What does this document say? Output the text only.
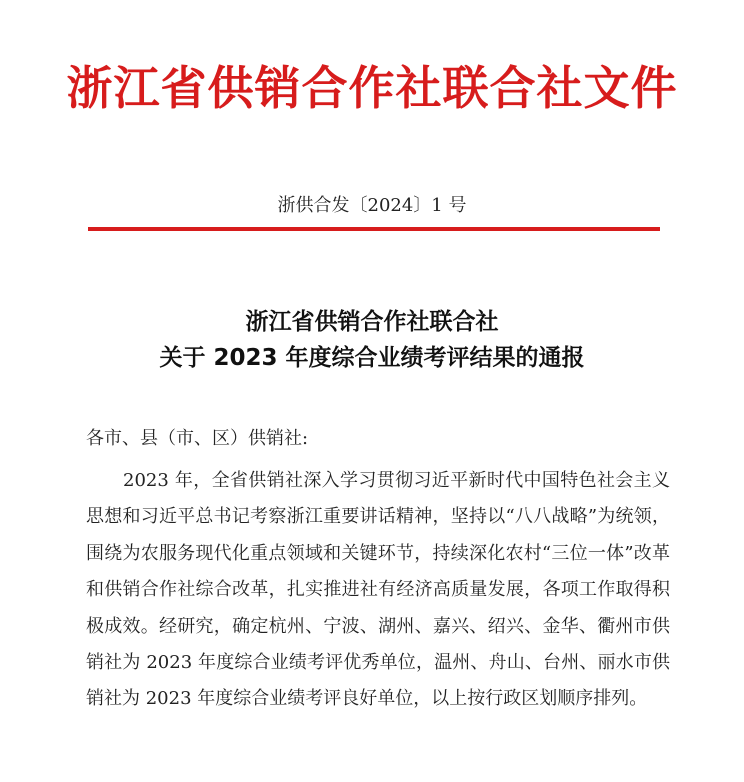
浙江省供销合作社联合社文件
浙供合发〔2024〕1 号
浙江省供销合作社联合社
关于 2023 年度综合业绩考评结果的通报
各市、县（市、区）供销社:

2023 年，全省供销社深入学习贯彻习近平新时代中国特色社会主义思想和习近平总书记考察浙江重要讲话精神，坚持以“八八战略”为统领，围绕为农服务现代化重点领域和关键环节，持续深化农村“三位一体”改革和供销合作社综合改革，扎实推进社有经济高质量发展，各项工作取得积极成效。经研究，确定杭州、宁波、湖州、嘉兴、绍兴、金华、衢州市供销社为 2023 年度综合业绩考评优秀单位，温州、舟山、台州、丽水市供销社为 2023 年度综合业绩考评良好单位，以上按行政区划顺序排列。
